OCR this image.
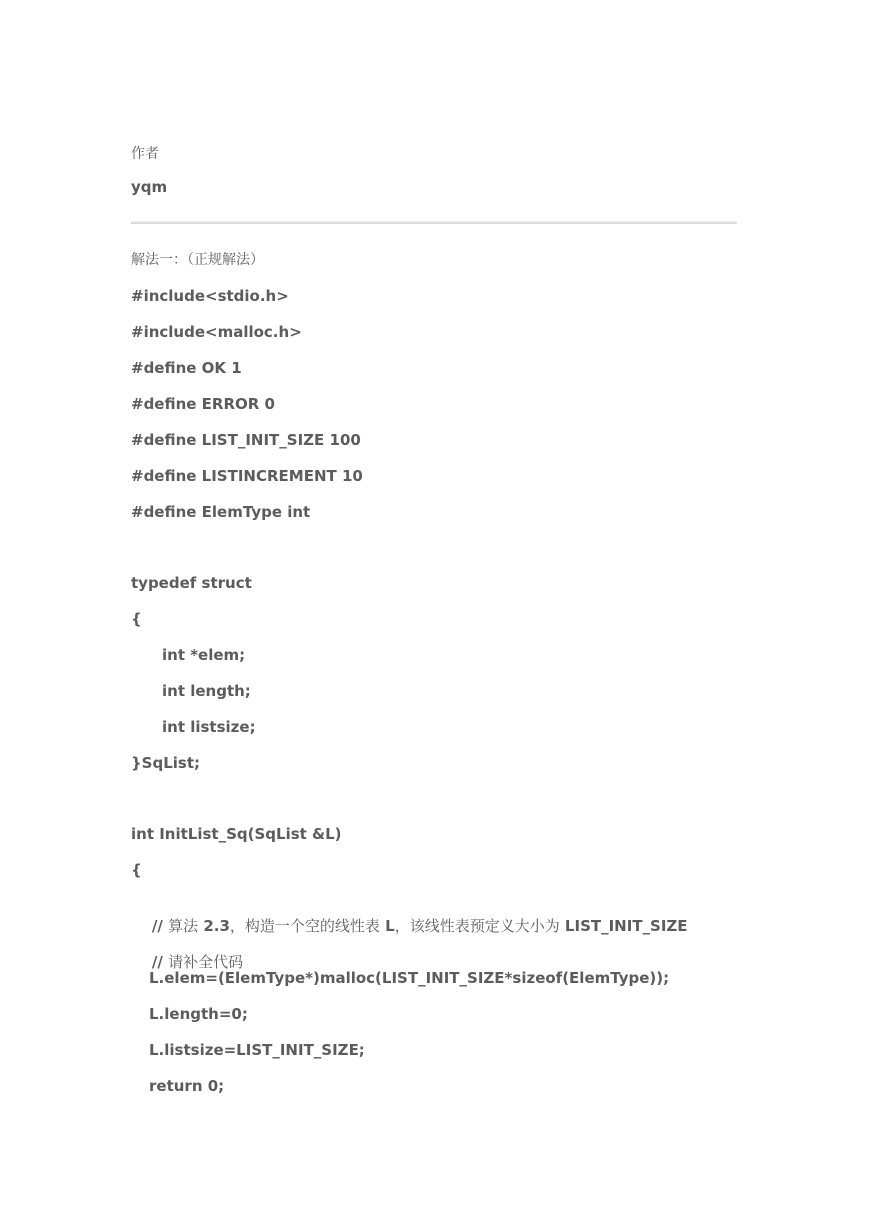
作者
yqm
解法一：（正规解法）
#include<stdio.h>
#include<malloc.h>
#define OK 1
#define ERROR 0
#define LIST_INIT_SIZE 100
#define LISTINCREMENT 10
#define ElemType int
typedef struct
{
int *elem;
int length;
int listsize;
}SqList;
int InitList_Sq(SqList &L)
{

// 算法 2.3，构造一个空的线性表 L，该线性表预定义大小为 LIST_INIT_SIZE

// 请补全代码

L.elem=(ElemType*)malloc(LIST_INIT_SIZE*sizeof(ElemType));
L.length=0;
L.listsize=LIST_INIT_SIZE;
return 0;
